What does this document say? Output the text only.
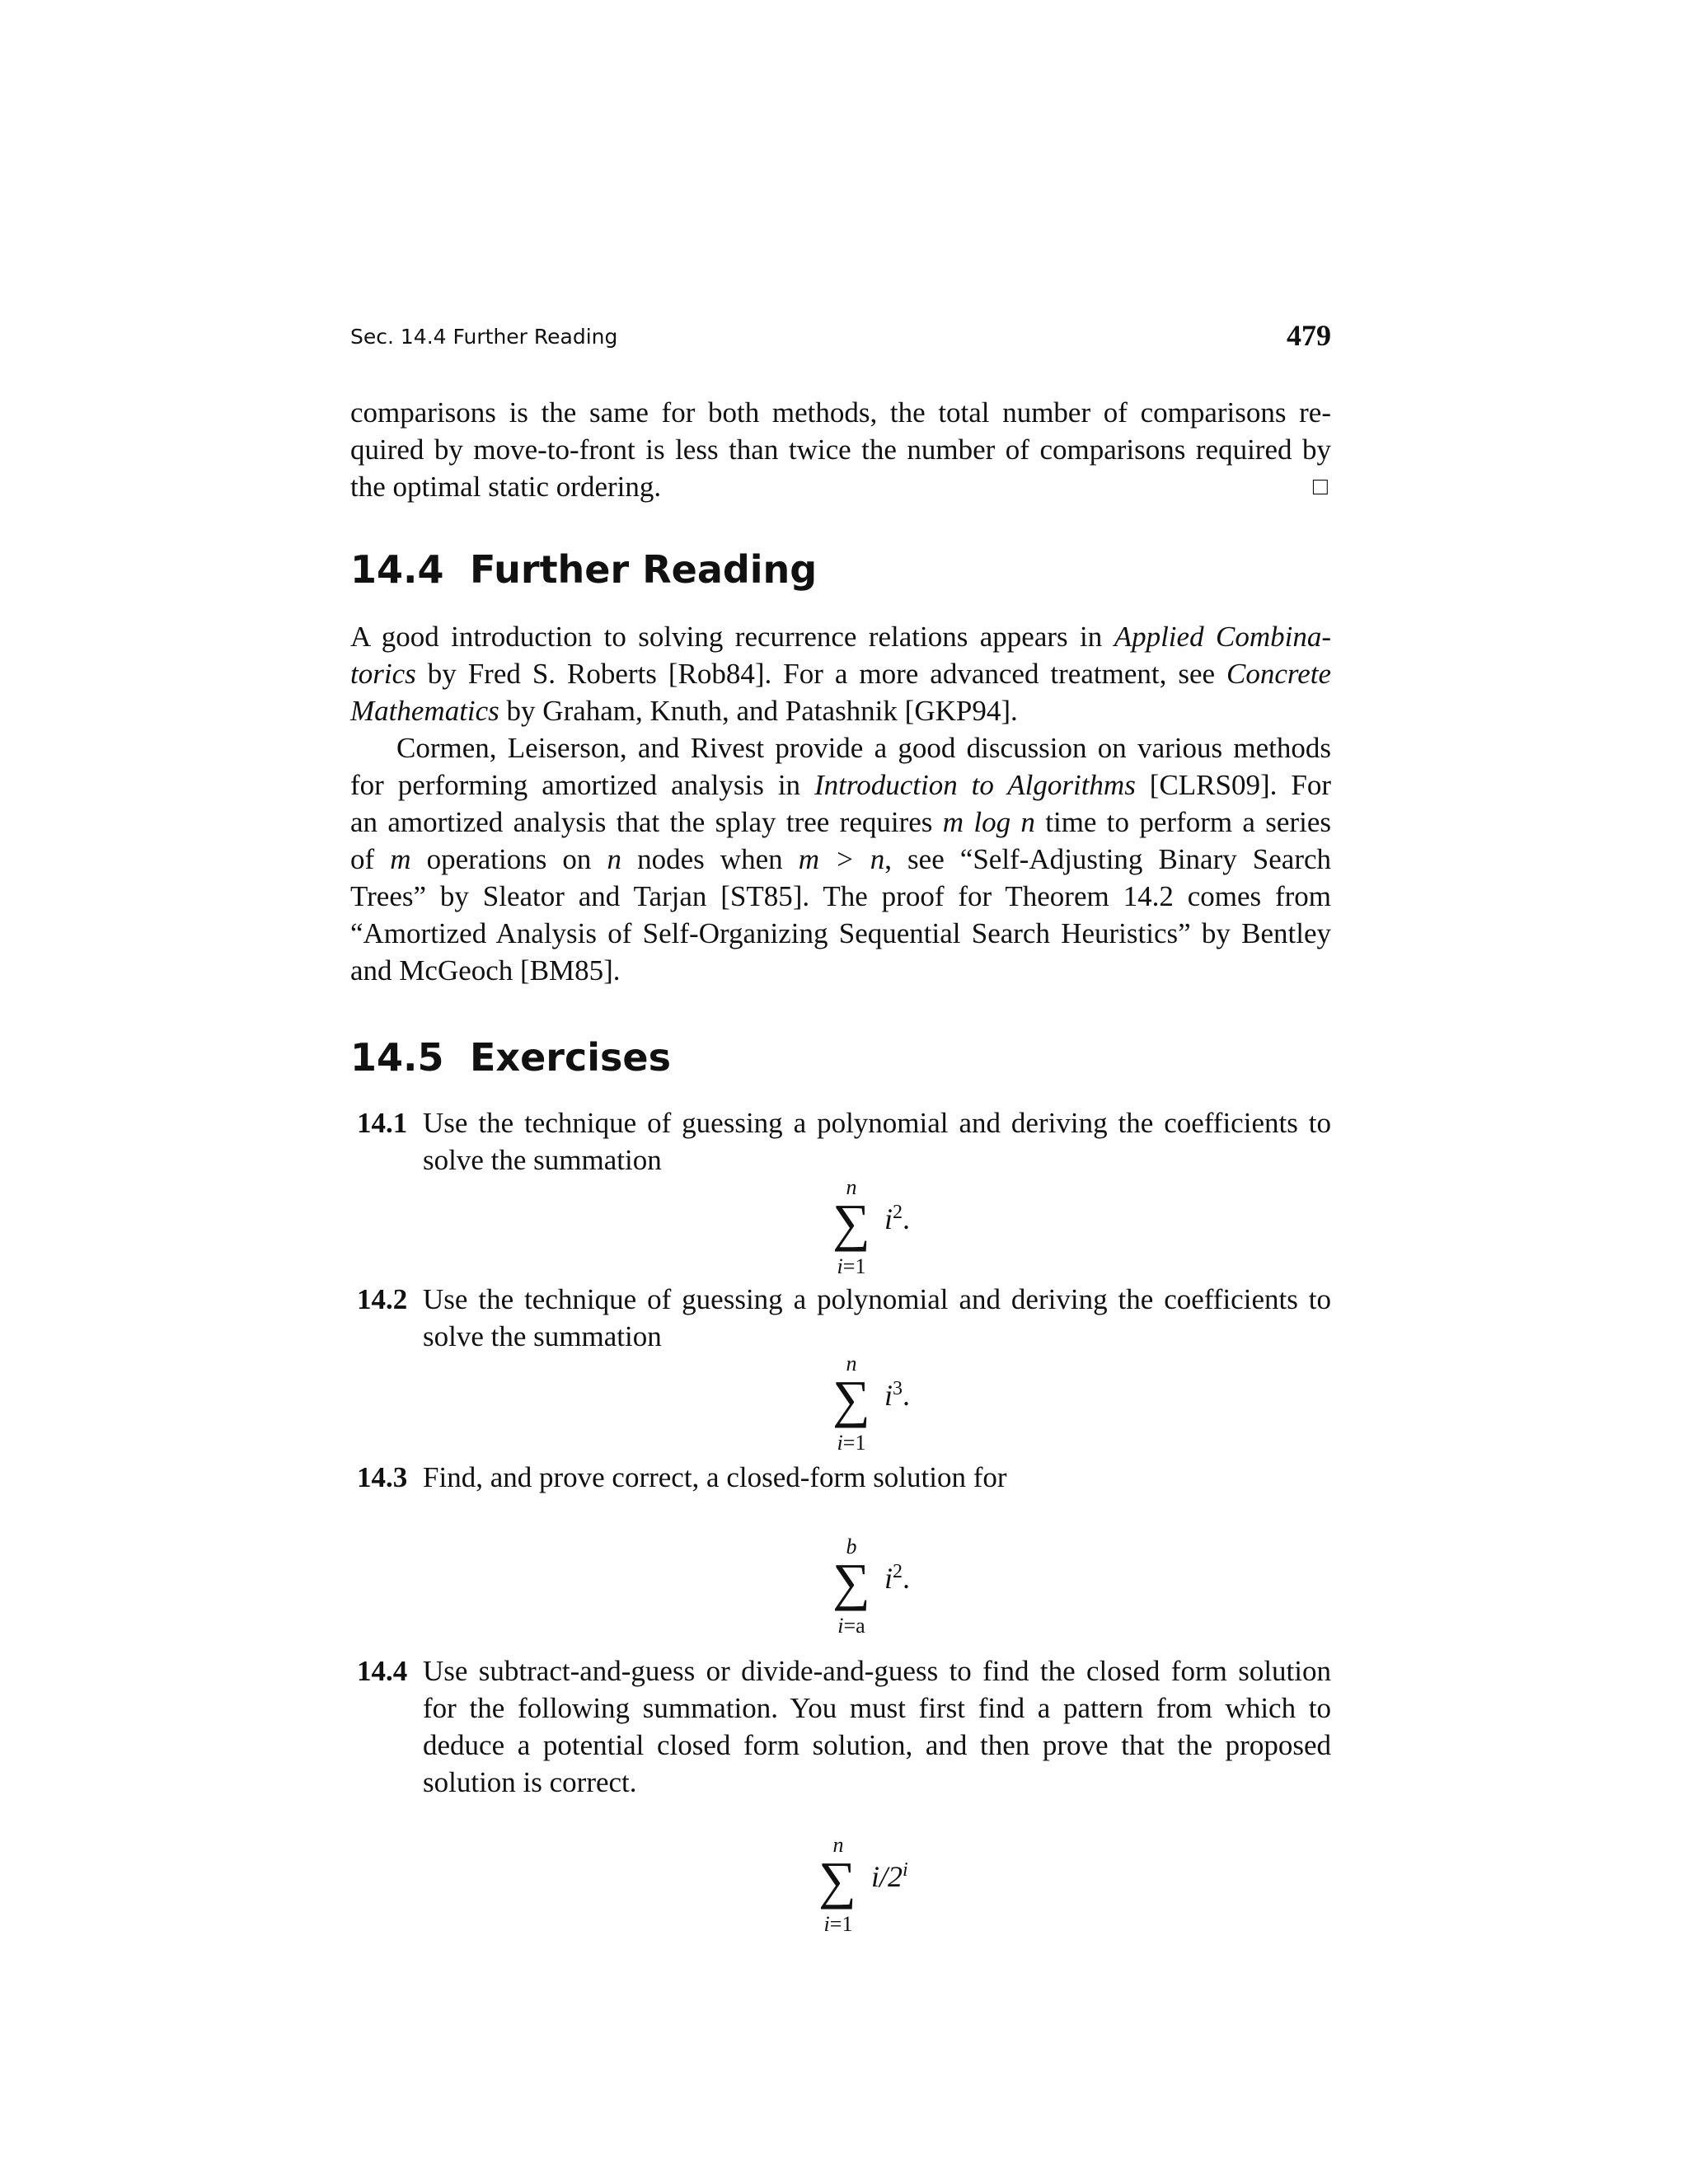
Sec. 14.4 Further Reading	479
comparisons is the same for both methods, the total number of comparisons re-
quired by move-to-front is less than twice the number of comparisons required by
the optimal static ordering.	□
14.4 Further Reading
A good introduction to solving recurrence relations appears in Applied Combina-
torics by Fred S. Roberts [Rob84]. For a more advanced treatment, see Concrete
Mathematics by Graham, Knuth, and Patashnik [GKP94].
Cormen, Leiserson, and Rivest provide a good discussion on various methods
for performing amortized analysis in Introduction to Algorithms [CLRS09]. For
an amortized analysis that the splay tree requires m log n time to perform a series
of m operations on n nodes when m > n, see “Self-Adjusting Binary Search
Trees” by Sleator and Tarjan [ST85]. The proof for Theorem 14.2 comes from
“Amortized Analysis of Self-Organizing Sequential Search Heuristics” by Bentley
and McGeoch [BM85].
14.5 Exercises
14.1 Use the technique of guessing a polynomial and deriving the coefficients to
solve the summation
n
∑
i=1
$i^2$.
14.2 Use the technique of guessing a polynomial and deriving the coefficients to
solve the summation
n
∑
i=1
$i^3$.
14.3 Find, and prove correct, a closed-form solution for
b
∑
i=a
$i^2$.
14.4 Use subtract-and-guess or divide-and-guess to find the closed form solution
for the following summation. You must first find a pattern from which to
deduce a potential closed form solution, and then prove that the proposed
solution is correct.
n
∑
i=1
i/2$^i$
